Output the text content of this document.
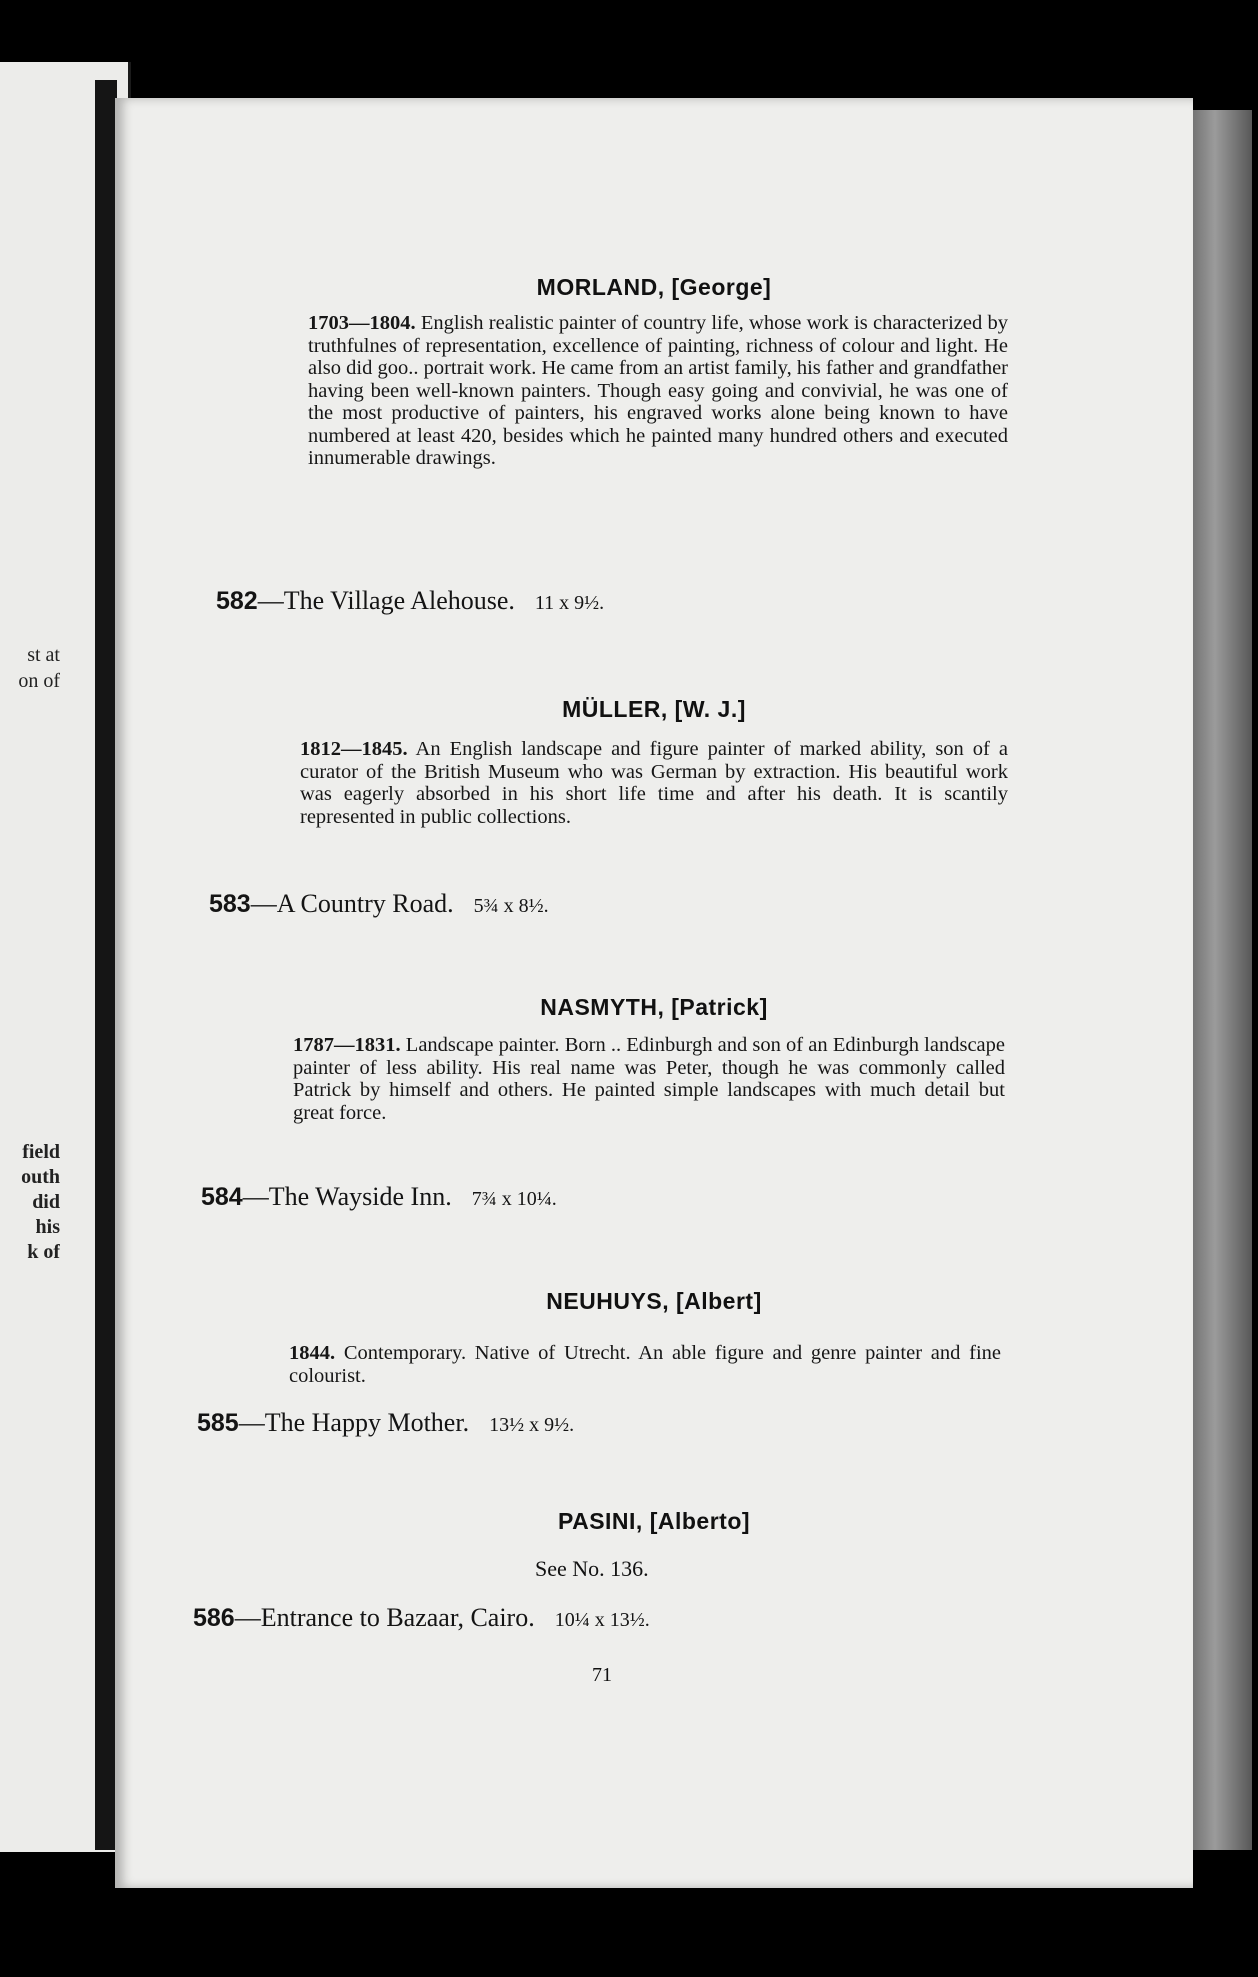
st at
on of
field
outh
did
his
k of
MORLAND, [George]
1703—1804. English realistic painter of country life, whose work is characterized by truthfulnes of representation, excellence of painting, richness of colour and light. He also did goo.. portrait work. He came from an artist family, his father and grandfather having been well-known painters. Though easy going and convivial, he was one of the most productive of painters, his engraved works alone being known to have numbered at least 420, besides which he painted many hundred others and executed innumerable drawings.
582—The Village Alehouse. 11 x 9½.
MÜLLER, [W. J.]
1812—1845. An English landscape and figure painter of marked ability, son of a curator of the British Museum who was German by extraction. His beautiful work was eagerly absorbed in his short life time and after his death. It is scantily represented in public collections.
583—A Country Road. 5¾ x 8½.
NASMYTH, [Patrick]
1787—1831. Landscape painter. Born .. Edinburgh and son of an Edinburgh landscape painter of less ability. His real name was Peter, though he was commonly called Patrick by himself and others. He painted simple landscapes with much detail but great force.
584—The Wayside Inn. 7¾ x 10¼.
NEUHUYS, [Albert]
1844. Contemporary. Native of Utrecht. An able figure and genre painter and fine colourist.
585—The Happy Mother. 13½ x 9½.
PASINI, [Alberto]
See No. 136.
586—Entrance to Bazaar, Cairo. 10¼ x 13½.
71
